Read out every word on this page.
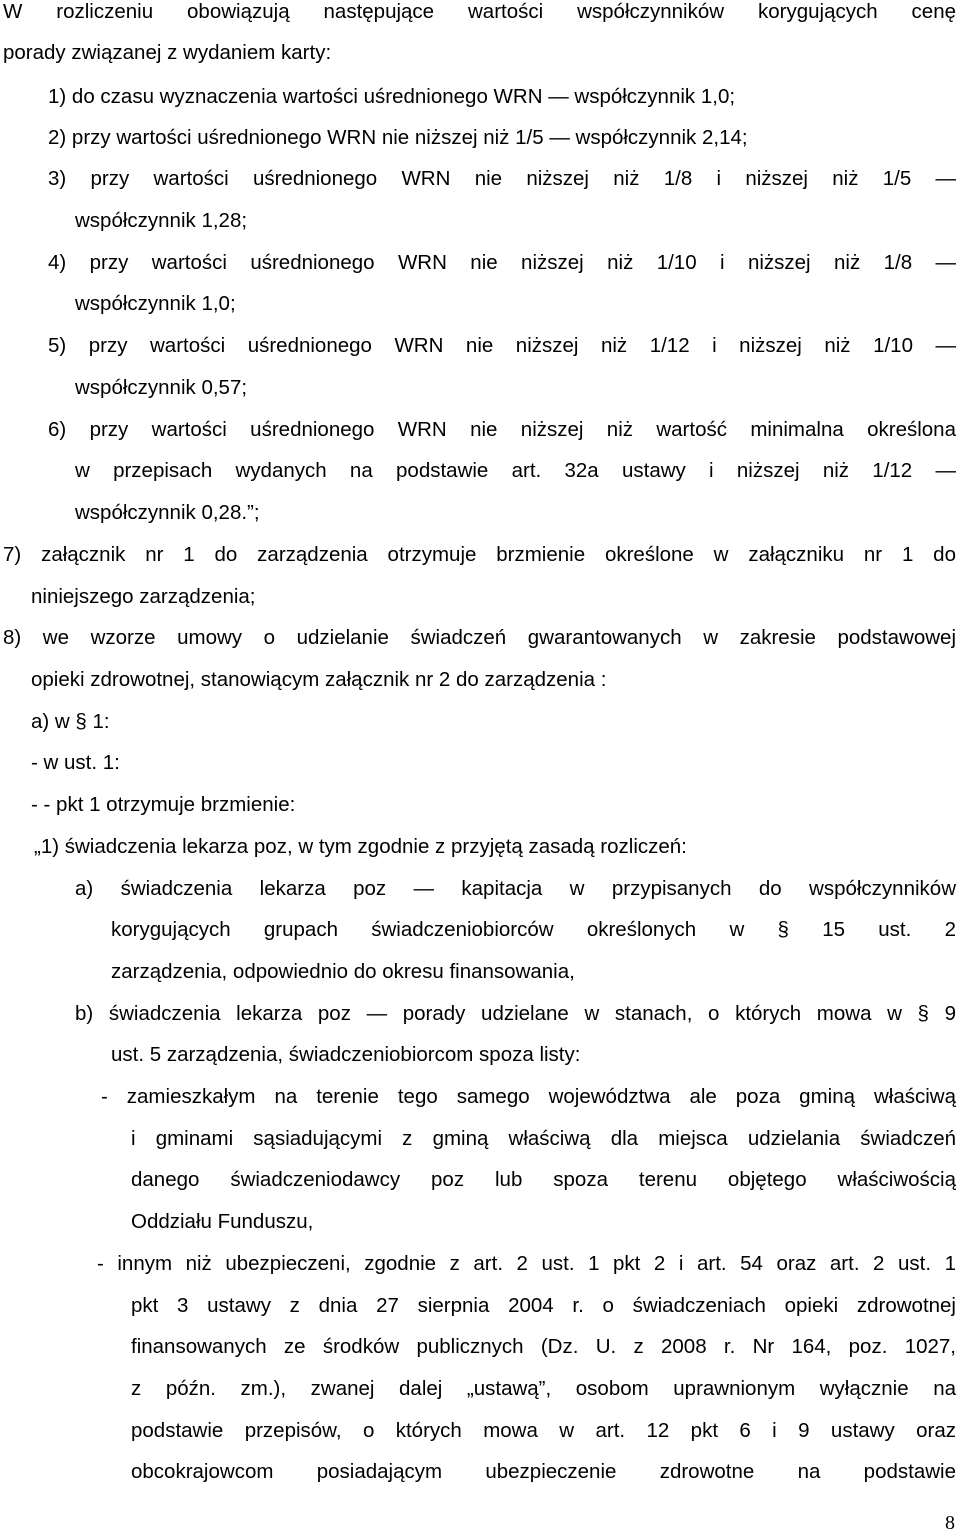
W rozliczeniu obowiązują następujące wartości współczynników korygujących cenę
porady związanej z wydaniem karty:
1) do czasu wyznaczenia wartości uśrednionego WRN — współczynnik 1,0;
2) przy wartości uśrednionego WRN nie niższej niż 1/5 — współczynnik 2,14;
3) przy wartości uśrednionego WRN nie niższej niż 1/8 i niższej niż 1/5 —
współczynnik 1,28;
4) przy wartości uśrednionego WRN nie niższej niż 1/10 i niższej niż 1/8 —
współczynnik 1,0;
5) przy wartości uśrednionego WRN nie niższej niż 1/12 i niższej niż 1/10 —
współczynnik 0,57;
6) przy wartości uśrednionego WRN nie niższej niż wartość minimalna określona
w przepisach wydanych na podstawie art. 32a ustawy i niższej niż 1/12 —
współczynnik 0,28.”;
7) załącznik nr 1 do zarządzenia otrzymuje brzmienie określone w załączniku nr 1 do
niniejszego zarządzenia;
8) we wzorze umowy o udzielanie świadczeń gwarantowanych w zakresie podstawowej
opieki zdrowotnej, stanowiącym załącznik nr 2 do zarządzenia :
a) w § 1:
- w ust. 1:
- - pkt 1 otrzymuje brzmienie:
„1) świadczenia lekarza poz, w tym zgodnie z przyjętą zasadą rozliczeń:
a) świadczenia lekarza poz — kapitacja w przypisanych do współczynników
korygujących grupach świadczeniobiorców określonych w § 15 ust. 2
zarządzenia, odpowiednio do okresu finansowania,
b) świadczenia lekarza poz — porady udzielane w stanach, o których mowa w § 9
ust. 5 zarządzenia, świadczeniobiorcom spoza listy:
- zamieszkałym na terenie tego samego województwa ale poza gminą właściwą
i gminami sąsiadującymi z gminą właściwą dla miejsca udzielania świadczeń
danego świadczeniodawcy poz lub spoza terenu objętego właściwością
Oddziału Funduszu,
- innym niż ubezpieczeni, zgodnie z art. 2 ust. 1 pkt 2 i art. 54 oraz art. 2 ust. 1
pkt 3 ustawy z dnia 27 sierpnia 2004 r. o świadczeniach opieki zdrowotnej
finansowanych ze środków publicznych (Dz. U. z 2008 r. Nr 164, poz. 1027,
z późn. zm.), zwanej dalej „ustawą”, osobom uprawnionym wyłącznie na
podstawie przepisów, o których mowa w art. 12 pkt 6 i 9 ustawy oraz
obcokrajowcom posiadającym ubezpieczenie zdrowotne na podstawie
8
